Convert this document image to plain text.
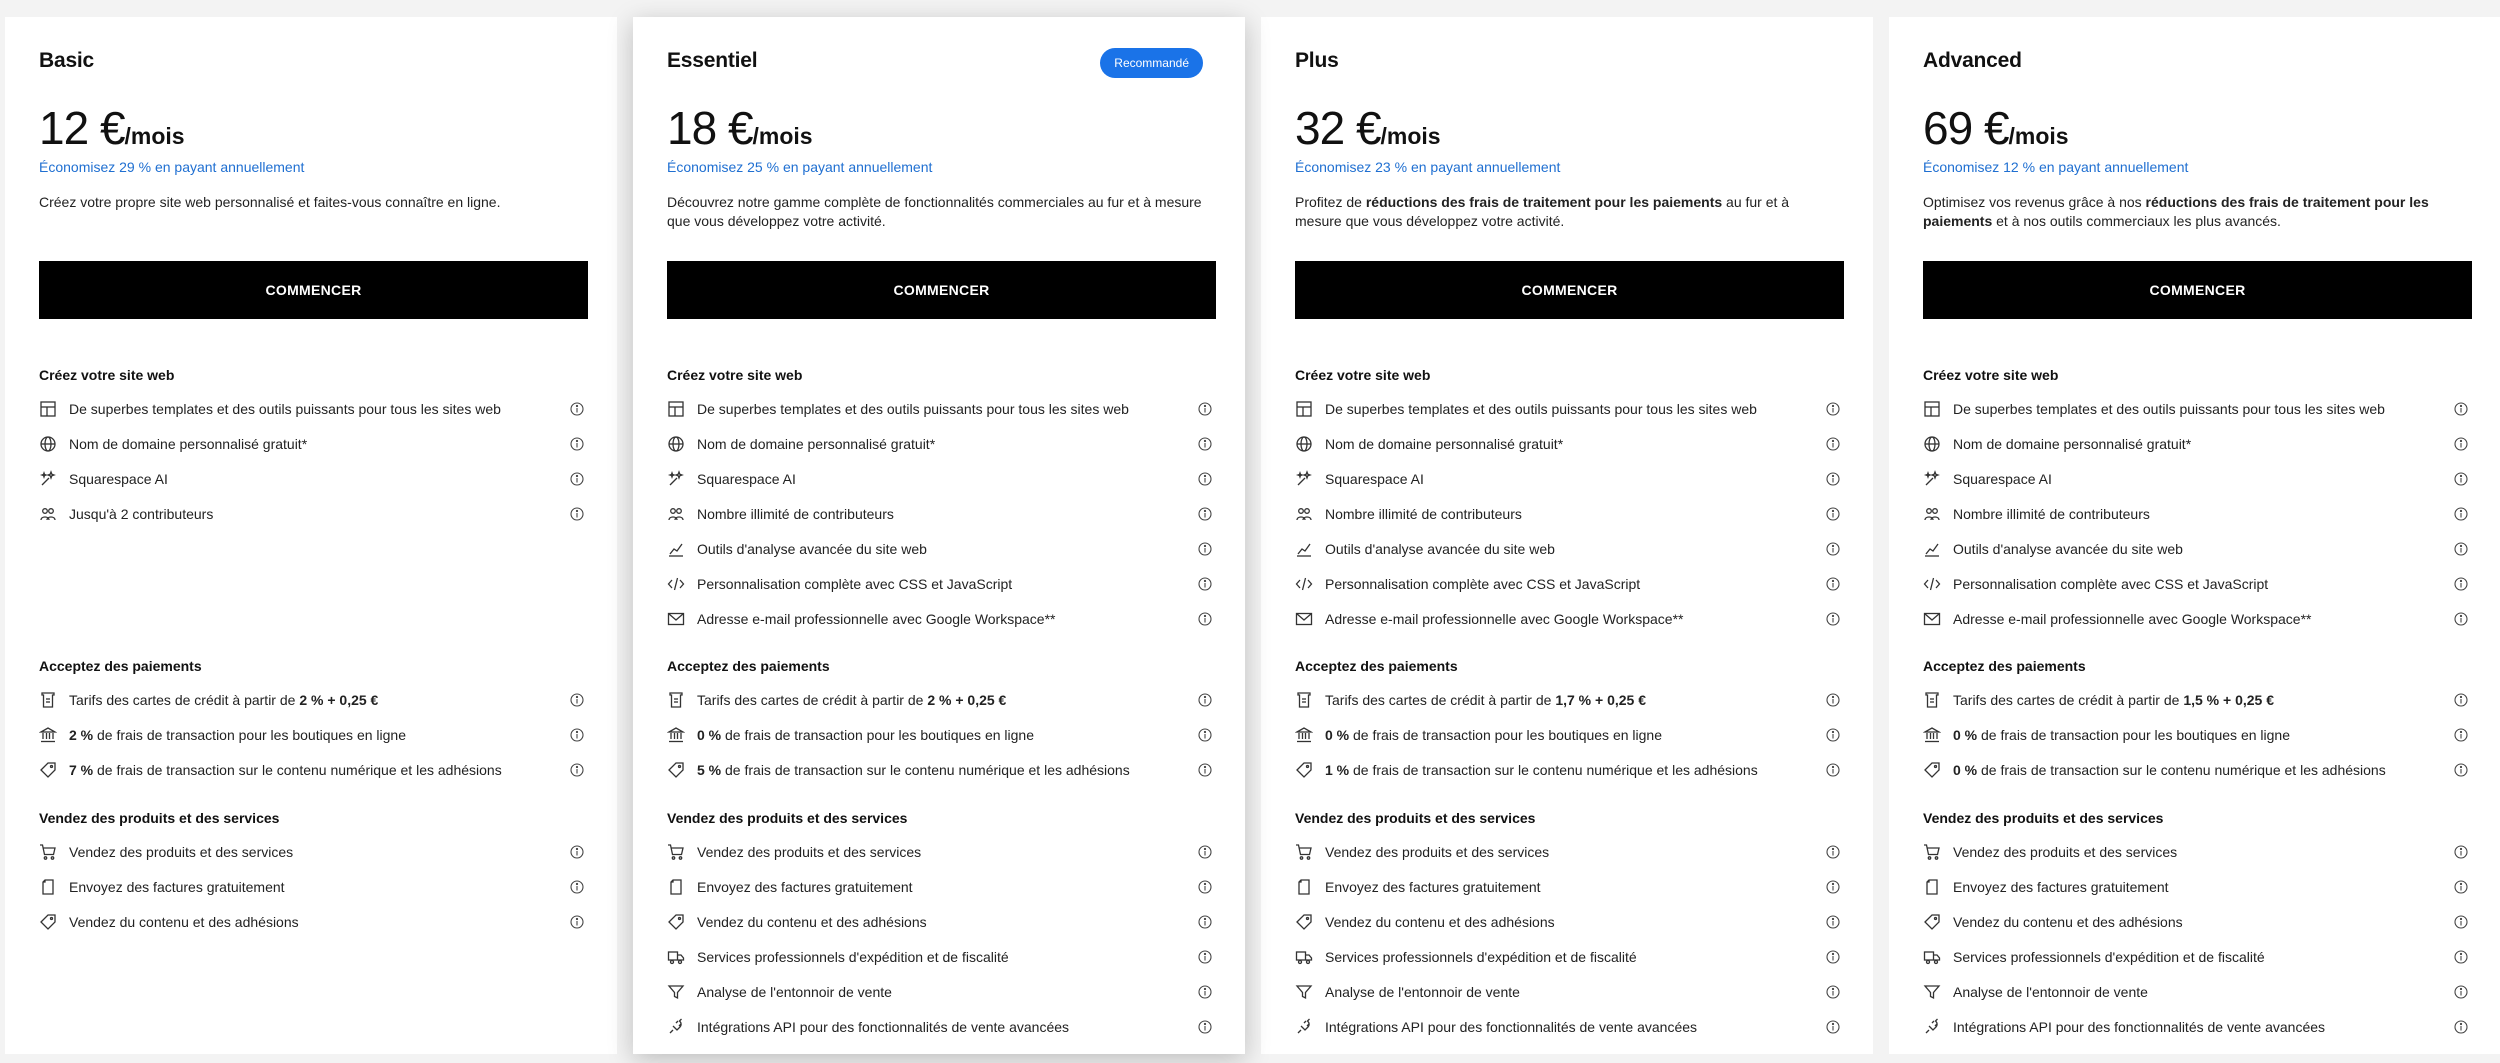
Basic
12 €/mois
Économisez 29 % en payant annuellement
Créez votre propre site web personnalisé et faites-vous connaître en ligne.
COMMENCER
Créez votre site web
De superbes templates et des outils puissants pour tous les sites web
Nom de domaine personnalisé gratuit*
Squarespace AI
Jusqu'à 2 contributeurs
Acceptez des paiements
Tarifs des cartes de crédit à partir de 2 % + 0,25 €
2 % de frais de transaction pour les boutiques en ligne
7 % de frais de transaction sur le contenu numérique et les adhésions
Vendez des produits et des services
Vendez des produits et des services
Envoyez des factures gratuitement
Vendez du contenu et des adhésions
Essentiel	Recommandé
18 €/mois
Économisez 25 % en payant annuellement
Découvrez notre gamme complète de fonctionnalités commerciales au fur et à mesure que vous développez votre activité.
COMMENCER
Créez votre site web
De superbes templates et des outils puissants pour tous les sites web
Nom de domaine personnalisé gratuit*
Squarespace AI
Nombre illimité de contributeurs
Outils d'analyse avancée du site web
Personnalisation complète avec CSS et JavaScript
Adresse e-mail professionnelle avec Google Workspace**
Acceptez des paiements
Tarifs des cartes de crédit à partir de 2 % + 0,25 €
0 % de frais de transaction pour les boutiques en ligne
5 % de frais de transaction sur le contenu numérique et les adhésions
Vendez des produits et des services
Vendez des produits et des services
Envoyez des factures gratuitement
Vendez du contenu et des adhésions
Services professionnels d'expédition et de fiscalité
Analyse de l'entonnoir de vente
Intégrations API pour des fonctionnalités de vente avancées
Plus
32 €/mois
Économisez 23 % en payant annuellement
Profitez de réductions des frais de traitement pour les paiements au fur et à mesure que vous développez votre activité.
COMMENCER
Créez votre site web
De superbes templates et des outils puissants pour tous les sites web
Nom de domaine personnalisé gratuit*
Squarespace AI
Nombre illimité de contributeurs
Outils d'analyse avancée du site web
Personnalisation complète avec CSS et JavaScript
Adresse e-mail professionnelle avec Google Workspace**
Acceptez des paiements
Tarifs des cartes de crédit à partir de 1,7 % + 0,25 €
0 % de frais de transaction pour les boutiques en ligne
1 % de frais de transaction sur le contenu numérique et les adhésions
Vendez des produits et des services
Vendez des produits et des services
Envoyez des factures gratuitement
Vendez du contenu et des adhésions
Services professionnels d'expédition et de fiscalité
Analyse de l'entonnoir de vente
Intégrations API pour des fonctionnalités de vente avancées
Advanced
69 €/mois
Économisez 12 % en payant annuellement
Optimisez vos revenus grâce à nos réductions des frais de traitement pour les paiements et à nos outils commerciaux les plus avancés.
COMMENCER
Créez votre site web
De superbes templates et des outils puissants pour tous les sites web
Nom de domaine personnalisé gratuit*
Squarespace AI
Nombre illimité de contributeurs
Outils d'analyse avancée du site web
Personnalisation complète avec CSS et JavaScript
Adresse e-mail professionnelle avec Google Workspace**
Acceptez des paiements
Tarifs des cartes de crédit à partir de 1,5 % + 0,25 €
0 % de frais de transaction pour les boutiques en ligne
0 % de frais de transaction sur le contenu numérique et les adhésions
Vendez des produits et des services
Vendez des produits et des services
Envoyez des factures gratuitement
Vendez du contenu et des adhésions
Services professionnels d'expédition et de fiscalité
Analyse de l'entonnoir de vente
Intégrations API pour des fonctionnalités de vente avancées
